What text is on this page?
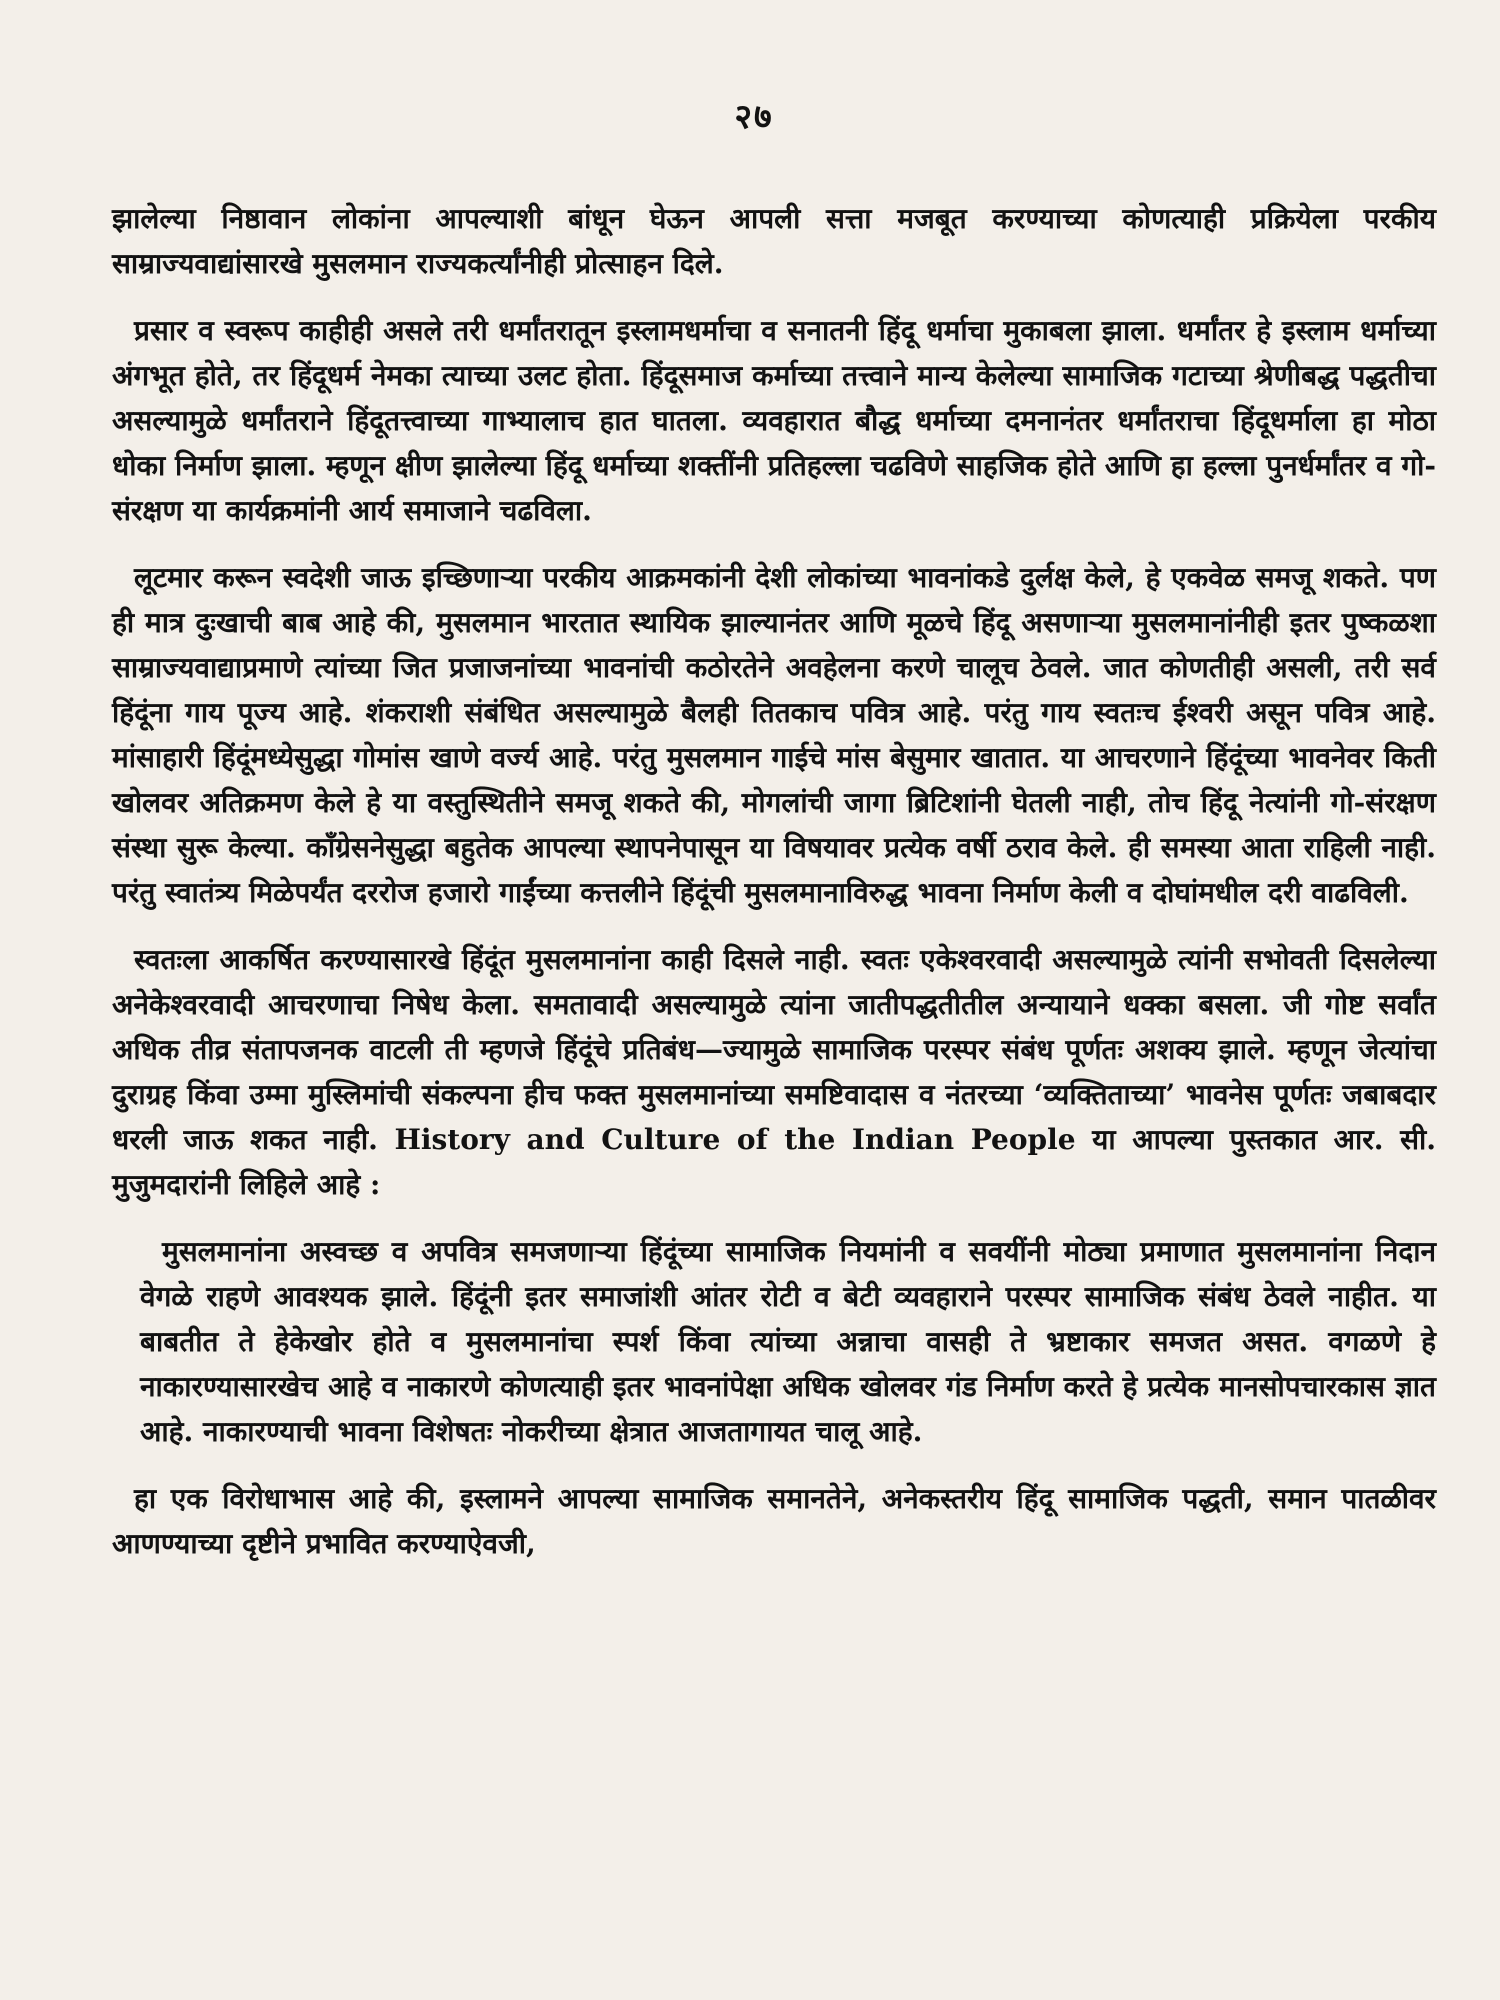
२७

झालेल्या निष्ठावान लोकांना आपल्याशी बांधून घेऊन आपली सत्ता मजबूत करण्याच्या कोणत्याही प्रक्रियेला परकीय साम्राज्यवाद्यांसारखे मुसलमान राज्यकर्त्यांनीही प्रोत्साहन दिले.

प्रसार व स्वरूप काहीही असले तरी धर्मांतरातून इस्लामधर्माचा व सनातनी हिंदू धर्माचा मुकाबला झाला. धर्मांतर हे इस्लाम धर्माच्या अंगभूत होते, तर हिंदूधर्म नेमका त्याच्या उलट होता. हिंदूसमाज कर्माच्या तत्त्वाने मान्य केलेल्या सामाजिक गटाच्या श्रेणीबद्ध पद्धतीचा असल्यामुळे धर्मांतराने हिंदूतत्त्वाच्या गाभ्यालाच हात घातला. व्यवहारात बौद्ध धर्माच्या दमनानंतर धर्मांतराचा हिंदूधर्माला हा मोठा धोका निर्माण झाला. म्हणून क्षीण झालेल्या हिंदू धर्माच्या शक्तींनी प्रतिहल्ला चढविणे साहजिक होते आणि हा हल्ला पुनर्धर्मांतर व गो-संरक्षण या कार्यक्रमांनी आर्य समाजाने चढविला.

लूटमार करून स्वदेशी जाऊ इच्छिणाऱ्या परकीय आक्रमकांनी देशी लोकांच्या भावनांकडे दुर्लक्ष केले, हे एकवेळ समजू शकते. पण ही मात्र दुःखाची बाब आहे की, मुसलमान भारतात स्थायिक झाल्यानंतर आणि मूळचे हिंदू असणाऱ्या मुसलमानांनीही इतर पुष्कळशा साम्राज्यवाद्याप्रमाणे त्यांच्या जित प्रजाजनांच्या भावनांची कठोरतेने अवहेलना करणे चालूच ठेवले. जात कोणतीही असली, तरी सर्व हिंदूंना गाय पूज्य आहे. शंकराशी संबंधित असल्यामुळे बैलही तितकाच पवित्र आहे. परंतु गाय स्वतःच ईश्वरी असून पवित्र आहे. मांसाहारी हिंदूंमध्येसुद्धा गोमांस खाणे वर्ज्य आहे. परंतु मुसलमान गाईचे मांस बेसुमार खातात. या आचरणाने हिंदूंच्या भावनेवर किती खोलवर अतिक्रमण केले हे या वस्तुस्थितीने समजू शकते की, मोगलांची जागा ब्रिटिशांनी घेतली नाही, तोच हिंदू नेत्यांनी गो-संरक्षण संस्था सुरू केल्या. कॉंग्रेसनेसुद्धा बहुतेक आपल्या स्थापनेपासून या विषयावर प्रत्येक वर्षी ठराव केले. ही समस्या आता राहिली नाही. परंतु स्वातंत्र्य मिळेपर्यंत दररोज हजारो गाईंच्या कत्तलीने हिंदूंची मुसलमानाविरुद्ध भावना निर्माण केली व दोघांमधील दरी वाढविली.

स्वतःला आकर्षित करण्यासारखे हिंदूंत मुसलमानांना काही दिसले नाही. स्वतः एकेश्वरवादी असल्यामुळे त्यांनी सभोवती दिसलेल्या अनेकेश्वरवादी आचरणाचा निषेध केला. समतावादी असल्यामुळे त्यांना जातीपद्धतीतील अन्यायाने धक्का बसला. जी गोष्ट सर्वांत अधिक तीव्र संतापजनक वाटली ती म्हणजे हिंदूंचे प्रतिबंध—ज्यामुळे सामाजिक परस्पर संबंध पूर्णतः अशक्य झाले. म्हणून जेत्यांचा दुराग्रह किंवा उम्मा मुस्लिमांची संकल्पना हीच फक्त मुसलमानांच्या समष्टिवादास व नंतरच्या ‘व्यक्तिताच्या’ भावनेस पूर्णतः जबाबदार धरली जाऊ शकत नाही. History and Culture of the Indian People या आपल्या पुस्तकात आर. सी. मुजुमदारांनी लिहिले आहे :

मुसलमानांना अस्वच्छ व अपवित्र समजणाऱ्या हिंदूंच्या सामाजिक नियमांनी व सवयींनी मोठ्या प्रमाणात मुसलमानांना निदान वेगळे राहणे आवश्यक झाले. हिंदूंनी इतर समाजांशी आंतर रोटी व बेटी व्यवहाराने परस्पर सामाजिक संबंध ठेवले नाहीत. या बाबतीत ते हेकेखोर होते व मुसलमानांचा स्पर्श किंवा त्यांच्या अन्नाचा वासही ते भ्रष्टाकार समजत असत. वगळणे हे नाकारण्यासारखेच आहे व नाकारणे कोणत्याही इतर भावनांपेक्षा अधिक खोलवर गंड निर्माण करते हे प्रत्येक मानसोपचारकास ज्ञात आहे. नाकारण्याची भावना विशेषतः नोकरीच्या क्षेत्रात आजतागायत चालू आहे.

हा एक विरोधाभास आहे की, इस्लामने आपल्या सामाजिक समानतेने, अनेकस्तरीय हिंदू सामाजिक पद्धती, समान पातळीवर आणण्याच्या दृष्टीने प्रभावित करण्याऐवजी,
